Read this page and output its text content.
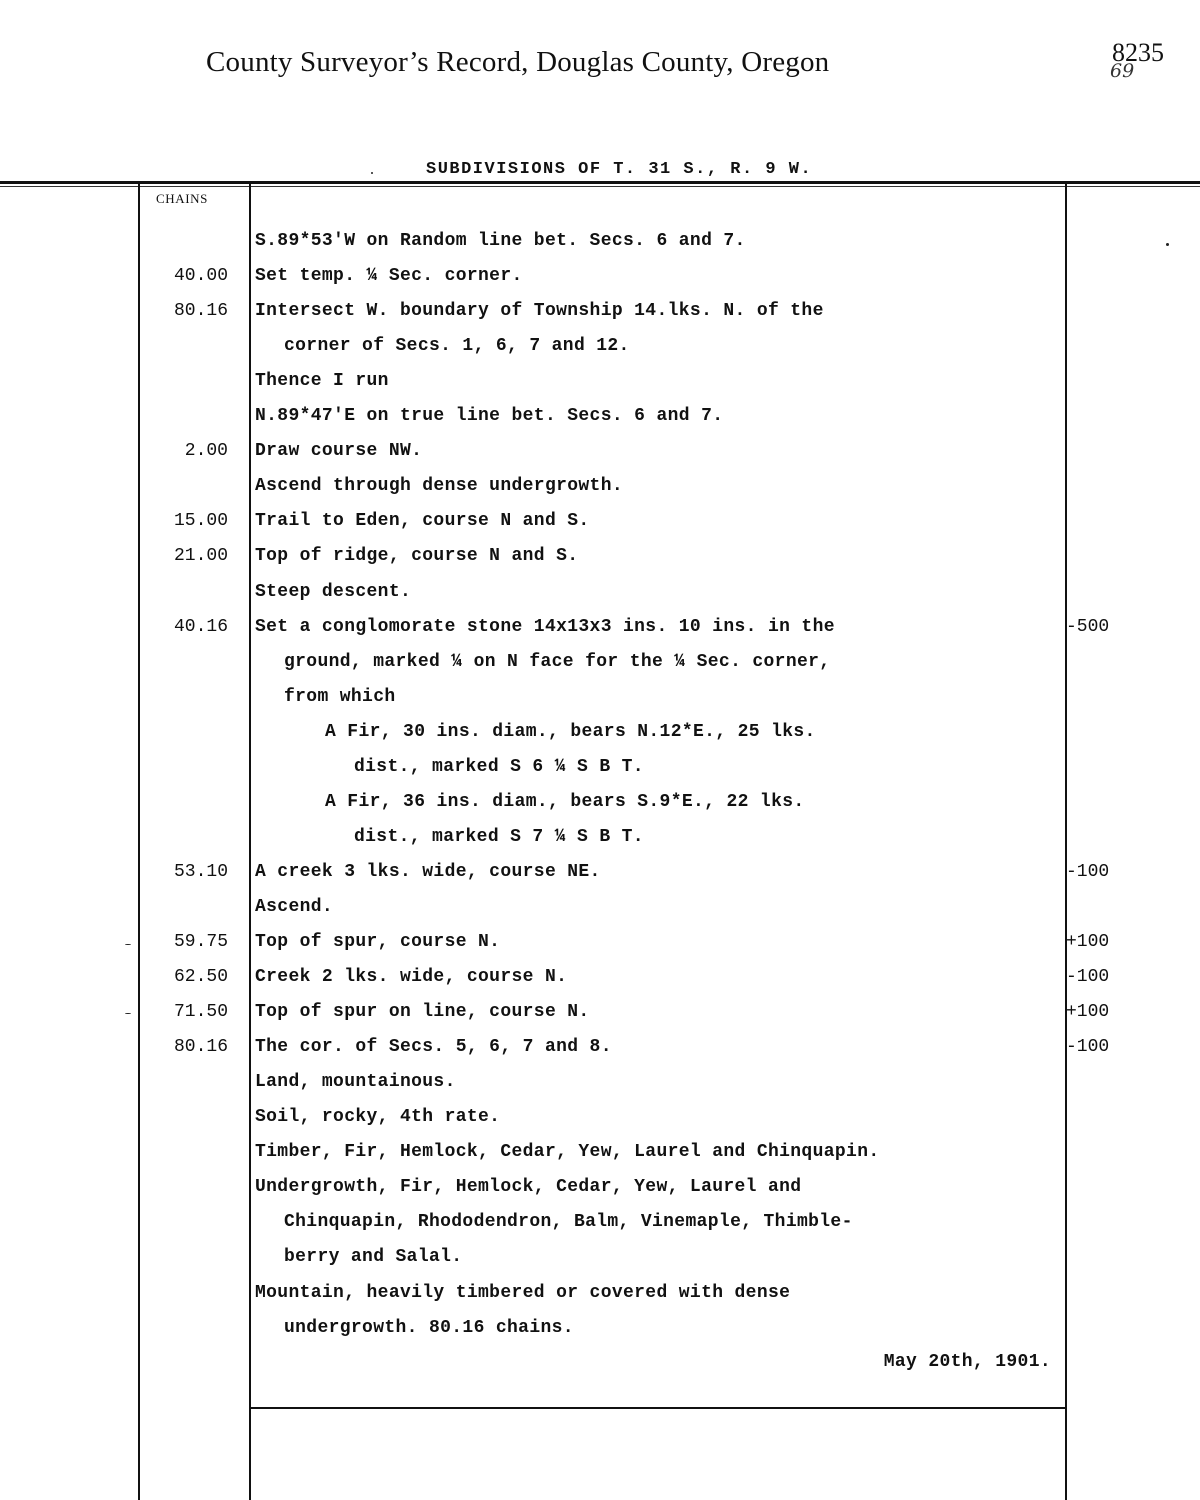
County Surveyor’s Record, Douglas County, Oregon	8235
69
SUBDIVISIONS OF T. 31 S., R. 9 W.
CHAINS
S.89*53'W on Random line bet. Secs. 6 and 7.
40.00 Set temp. ¼ Sec. corner.
80.16 Intersect W. boundary of Township 14.lks. N. of the
corner of Secs. 1, 6, 7 and 12.
Thence I run
N.89*47'E on true line bet. Secs. 6 and 7.
2.00 Draw course NW.
Ascend through dense undergrowth.
15.00 Trail to Eden, course N and S.
21.00 Top of ridge, course N and S.
Steep descent.
40.16 Set a conglomorate stone 14x13x3 ins. 10 ins. in the	-500
ground, marked ¼ on N face for the ¼ Sec. corner,
from which
A Fir, 30 ins. diam., bears N.12*E., 25 lks.
dist., marked S 6 ¼ S B T.
A Fir, 36 ins. diam., bears S.9*E., 22 lks.
dist., marked S 7 ¼ S B T.
53.10 A creek 3 lks. wide, course NE.	-100
Ascend.
59.75 Top of spur, course N.	+100
62.50 Creek 2 lks. wide, course N.	-100
71.50 Top of spur on line, course N.	+100
80.16 The cor. of Secs. 5, 6, 7 and 8.	-100
Land, mountainous.
Soil, rocky, 4th rate.
Timber, Fir, Hemlock, Cedar, Yew, Laurel and Chinquapin.
Undergrowth, Fir, Hemlock, Cedar, Yew, Laurel and
Chinquapin, Rhododendron, Balm, Vinemaple, Thimble-
berry and Salal.
Mountain, heavily timbered or covered with dense
undergrowth. 80.16 chains.
May 20th, 1901.
